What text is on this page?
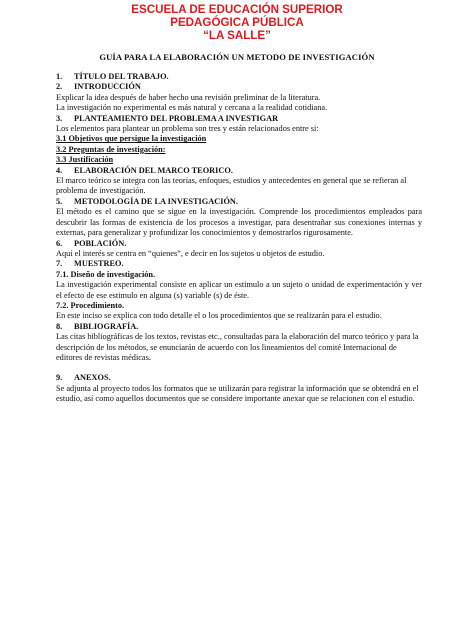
ESCUELA DE EDUCACIÓN SUPERIOR
PEDAGÓGICA PÚBLICA
“LA SALLE”
GUÍA PARA LA ELABORACIÓN UN METODO DE INVESTIGACIÓN

1. TÍTULO DEL TRABAJO.

2. INTRODUCCIÓN

Explicar la idea después de haber hecho una revisión preliminar de la literatura.

La investigación no experimental es más natural y cercana a la realidad cotidiana.

3. PLANTEAMIENTO DEL PROBLEMA A INVESTIGAR

Los elementos para plantear un problema son tres y están relacionados entre si:

3.1 Objetivos que persigue la investigación

3.2 Preguntas de investigación:

3.3 Justificación

4. ELABORACIÓN DEL MARCO TEORICO.

El marco teórico se integra con las teorías, enfoques, estudios y antecedentes en general que se refieran al problema de investigación.

5. METODOLOGÍA DE LA INVESTIGACIÓN.

El método es el camino que se sigue en la investigación. Comprende los procedimientos empleados para descubrir las formas de existencia de los procesos a investigar, para desentrañar sus conexiones internas y externas, para generalizar y profundizar los conocimientos y demostrarlos rigurosamente.

6. POBLACIÓN.

Aquí el interés se centra en “quienes”, e decir en los sujetos u objetos de estudio.

7. MUESTREO.

7.1. Diseño de investigación.

La investigación experimental consiste en aplicar un estimulo a un sujeto o unidad de experimentación y ver el efecto de ese estimulo en alguna (s) variable (s) de éste.

7.2. Procedimiento.

En este inciso se explica con todo detalle el o los procedimientos que se realizarán para el estudio.

8. BIBLIOGRAFÍA.

Las citas bibliográficas de los textos, revistas etc., consultadas para la elaboración del marco teórico y para la descripción de los métodos, se enunciarán de acuerdo con los lineamientos del comité Internacional de editores de revistas médicas.

9. ANEXOS.

Se adjunta al proyecto todos los formatos que se utilizarán para registrar la información que se obtendrá en el estudio, así como aquellos documentos que se considere importante anexar que se relacionen con el estudio.
